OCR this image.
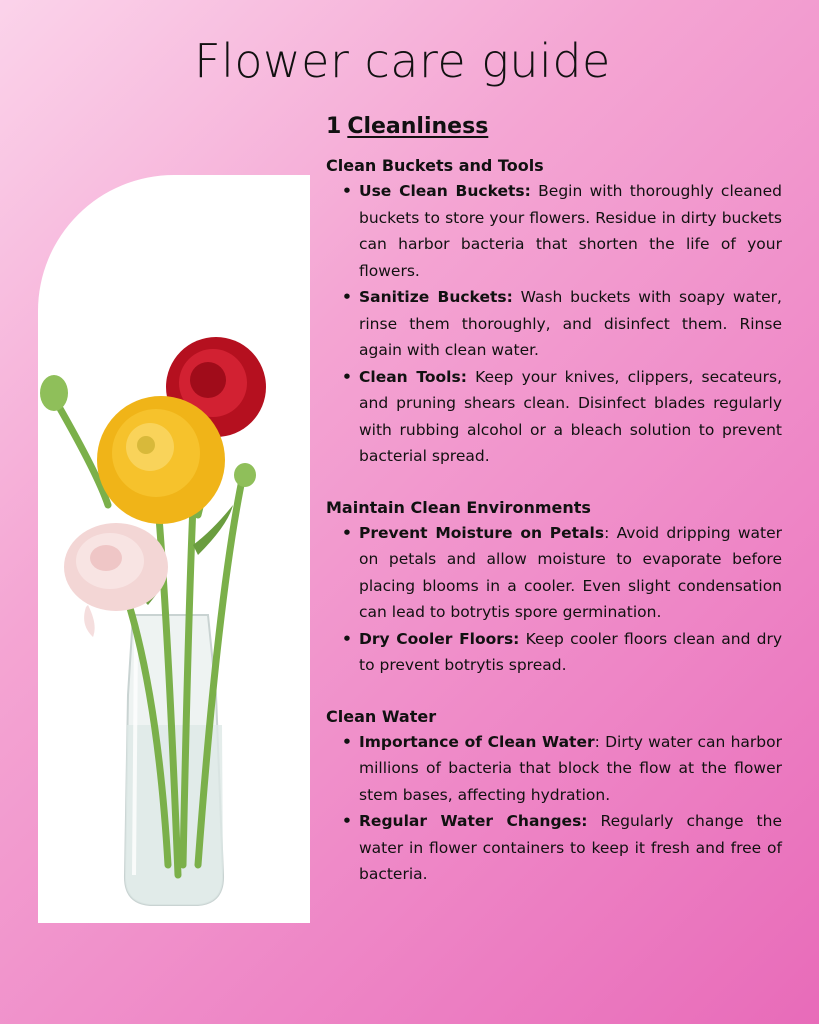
Flower care guide
1 Cleanliness
Clean Buckets and Tools
• Use Clean Buckets: Begin with thoroughly cleaned buckets to store your flowers. Residue in dirty buckets can harbor bacteria that shorten the life of your flowers.
• Sanitize Buckets: Wash buckets with soapy water, rinse them thoroughly, and disinfect them. Rinse again with clean water.
• Clean Tools: Keep your knives, clippers, secateurs, and pruning shears clean. Disinfect blades regularly with rubbing alcohol or a bleach solution to prevent bacterial spread.
Maintain Clean Environments
• Prevent Moisture on Petals: Avoid dripping water on petals and allow moisture to evaporate before placing blooms in a cooler. Even slight condensation can lead to botrytis spore germination.
• Dry Cooler Floors: Keep cooler floors clean and dry to prevent botrytis spread.
Clean Water
• Importance of Clean Water: Dirty water can harbor millions of bacteria that block the flow at the flower stem bases, affecting hydration.
• Regular Water Changes: Regularly change the water in flower containers to keep it fresh and free of bacteria.
